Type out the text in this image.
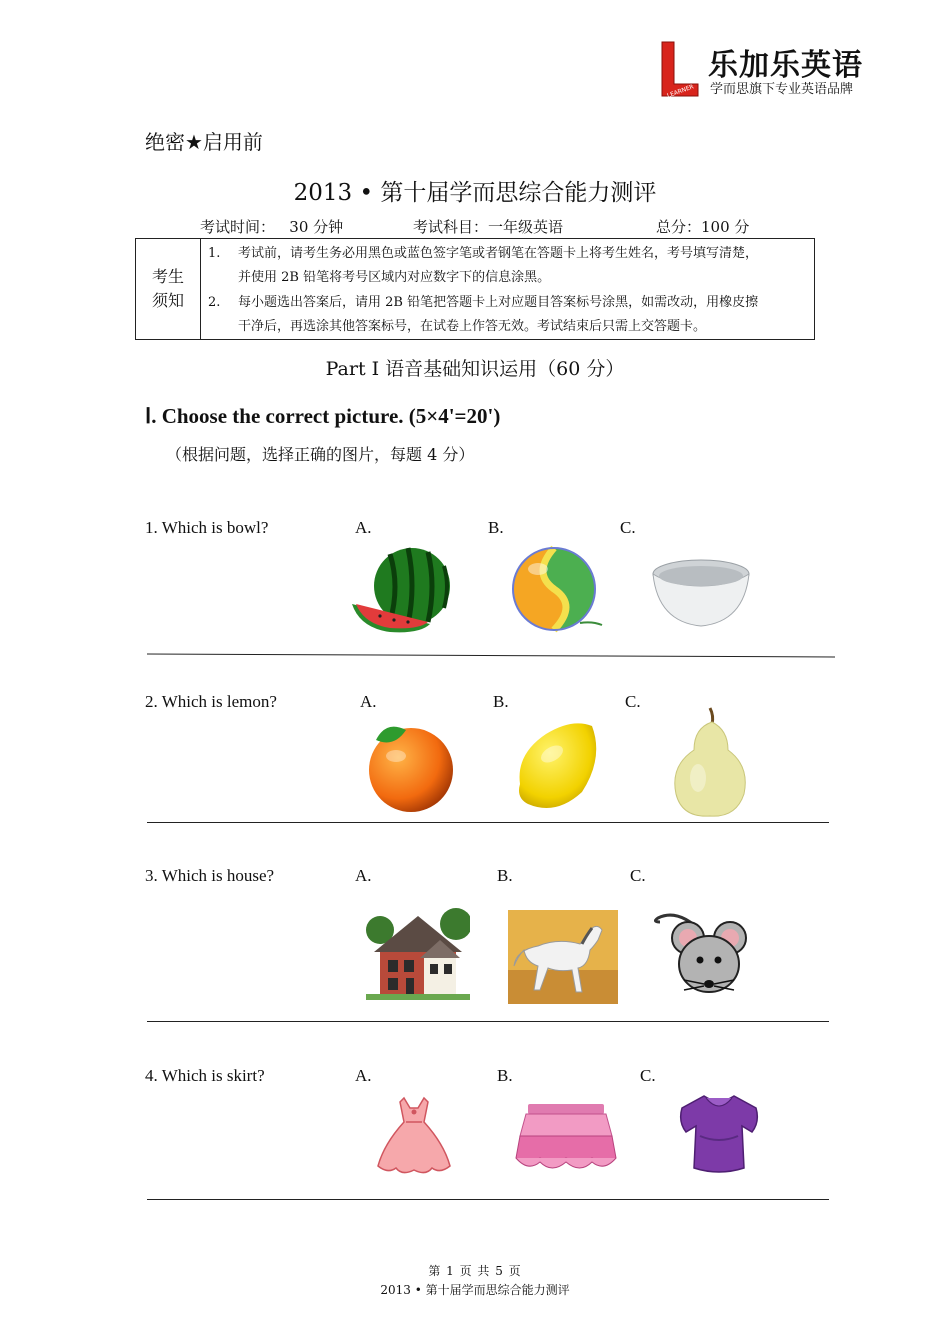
LEARNER
乐加乐英语
学而思旗下专业英语品牌
绝密★启用前
2013 • 第十届学而思综合能力测评
考试时间：   30 分钟	考试科目：一年级英语	总分：100 分
考生
须知
1. 考试前，请考生务必用黑色或蓝色签字笔或者钢笔在答题卡上将考生姓名，考号填写清楚，
并使用 2B 铅笔将考号区域内对应数字下的信息涂黑。
2. 每小题选出答案后，请用 2B 铅笔把答题卡上对应题目答案标号涂黑，如需改动，用橡皮擦
干净后，再选涂其他答案标号，在试卷上作答无效。考试结束后只需上交答题卡。
Part Ⅰ 语音基础知识运用（60 分）
Ⅰ. Choose the correct picture. (5×4'=20')
（根据问题，选择正确的图片，每题 4 分）
1. Which is bowl?	A.	B.	C.
2. Which is lemon?	A.	B.	C.
3. Which is house?	A.	B.	C.
4. Which is skirt?	A.	B.	C.
第 1 页 共 5 页
2013 • 第十届学而思综合能力测评
